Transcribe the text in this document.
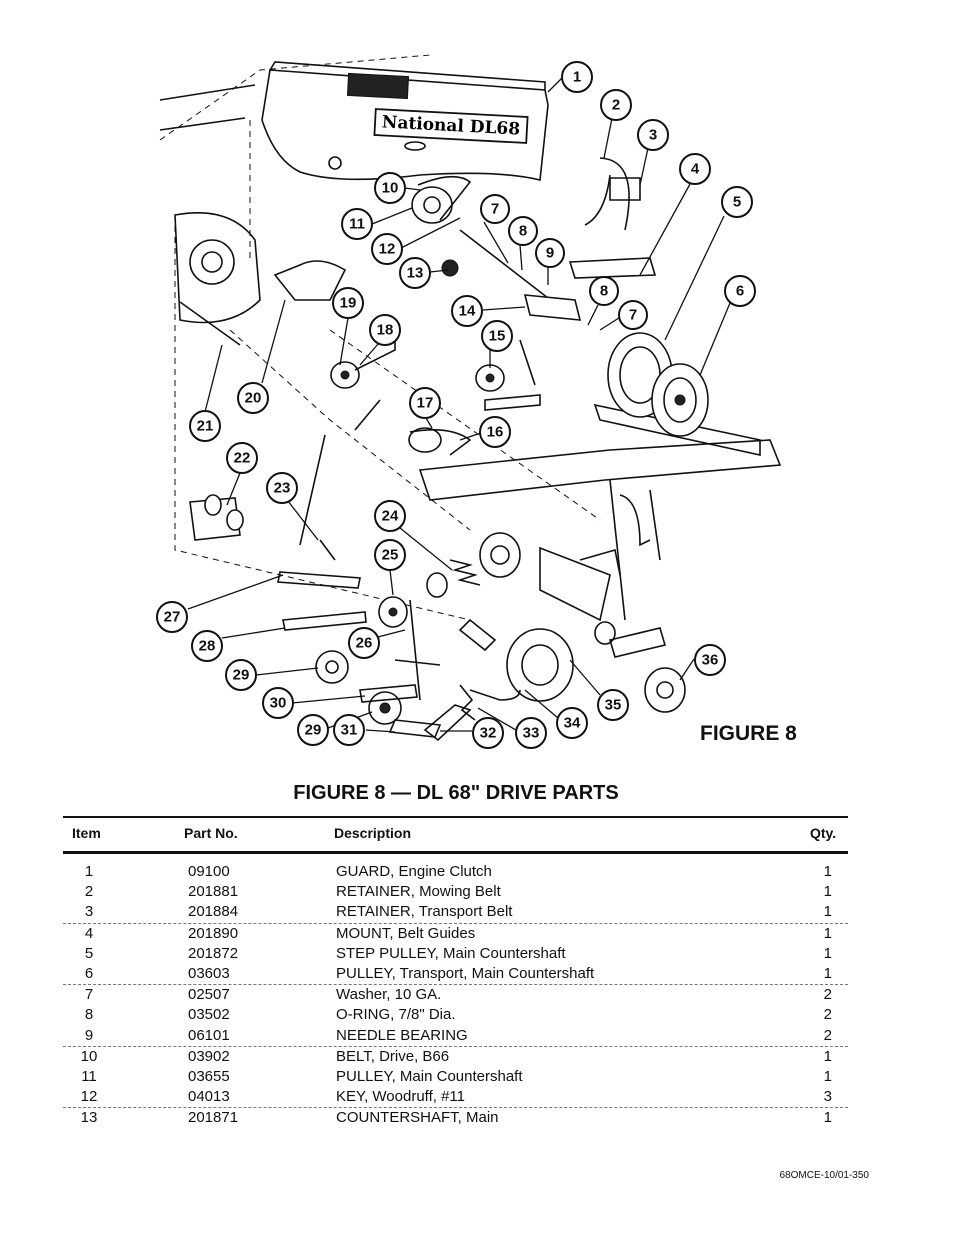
National DL68
1
2
3
4
5
6
7
8
9
8
7
10
11
12
13
14
15
16
17
18
19
20
21
22
23
24
25
26
27
28
29
30
29 31	32 33
34
35
36
FIGURE 8
FIGURE 8 — DL 68" DRIVE PARTS
Item	Part No.	Description	Qty.
1	09100	GUARD, Engine Clutch	1
2	201881	RETAINER, Mowing Belt	1
3	201884	RETAINER, Transport Belt	1
4	201890	MOUNT, Belt Guides	1
5	201872	STEP PULLEY, Main Countershaft	1
6	03603	PULLEY, Transport, Main Countershaft	1
7	02507	Washer, 10 GA.	2
8	03502	O-RING, 7/8" Dia.	2
9	06101	NEEDLE BEARING	2
10	03902	BELT, Drive, B66	1
11	03655	PULLEY, Main Countershaft	1
12	04013	KEY, Woodruff, #11	3
13	201871	COUNTERSHAFT, Main	1
68OMCE-10/01-350
